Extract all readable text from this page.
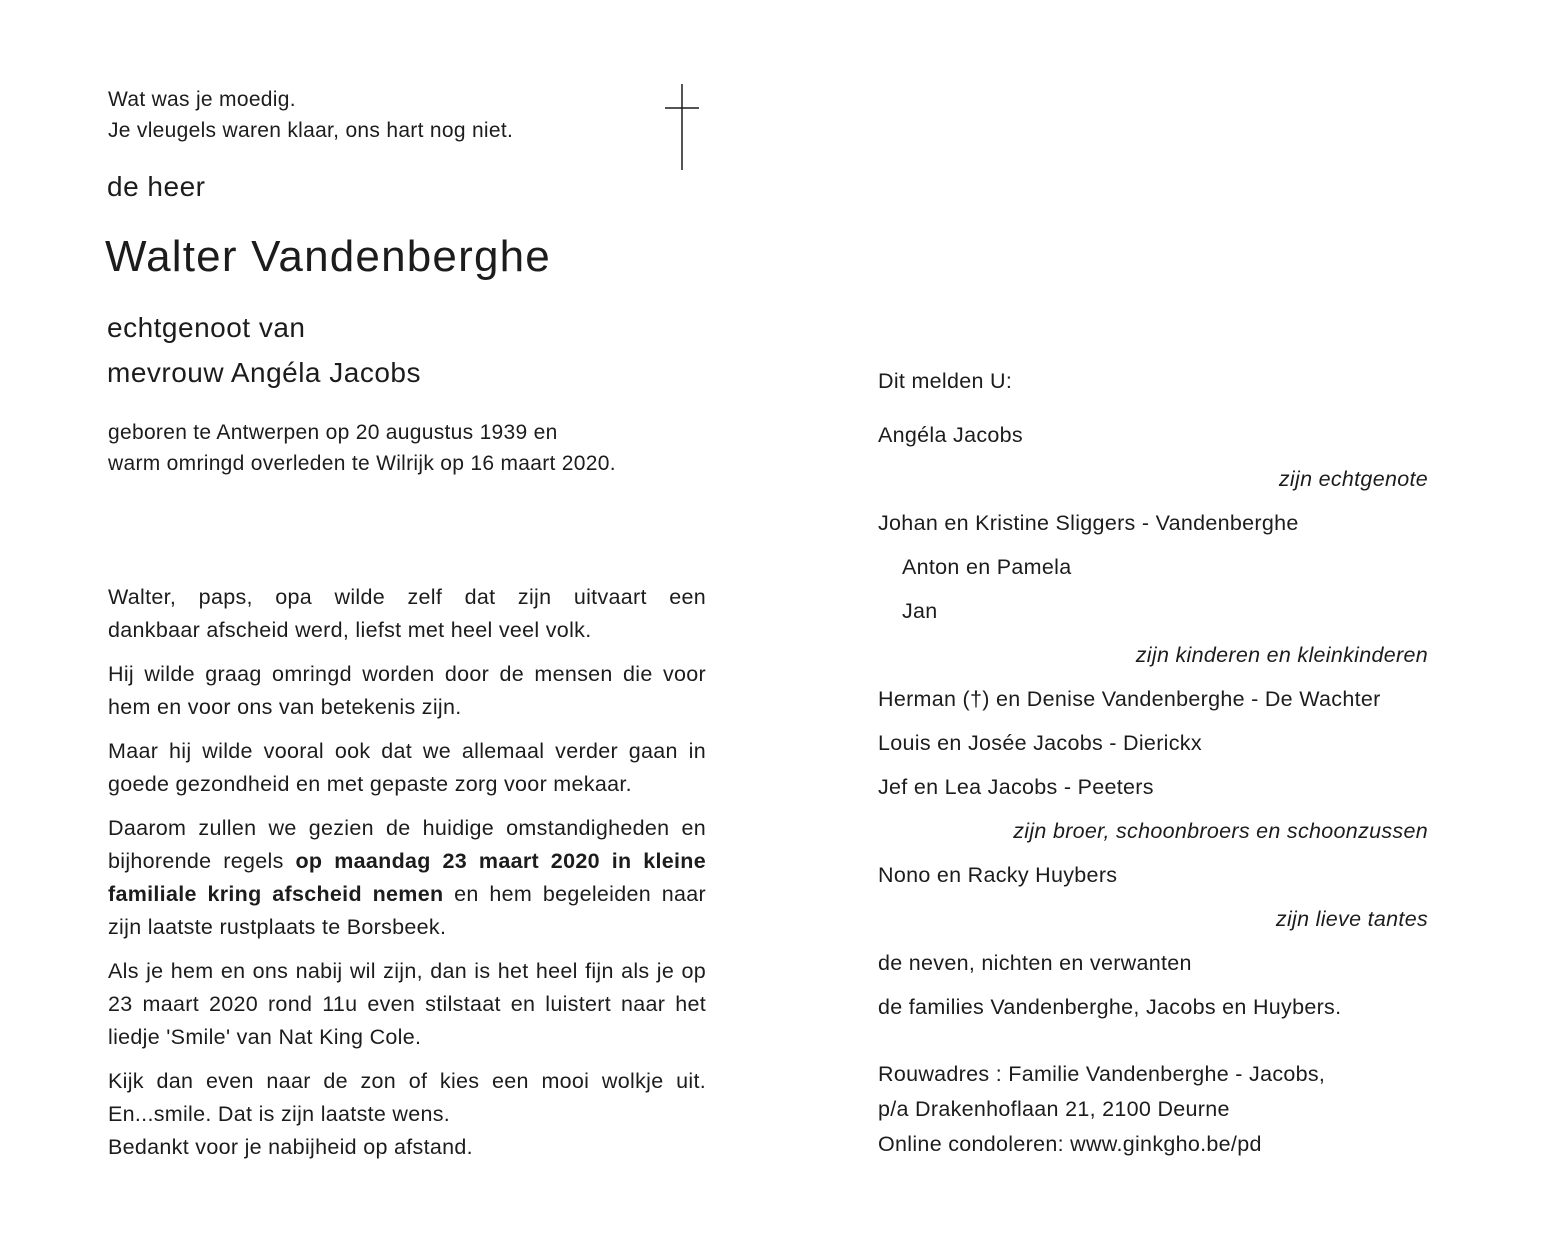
Wat was je moedig.
Je vleugels waren klaar, ons hart nog niet.
de heer
Walter Vandenberghe
echtgenoot van
mevrouw Angéla Jacobs
geboren te Antwerpen op 20 augustus 1939 en
warm omringd overleden te Wilrijk op 16 maart 2020.
Walter, paps, opa wilde zelf dat zijn uitvaart een
dankbaar afscheid werd, liefst met heel veel volk.
Hij wilde graag omringd worden door de mensen die voor
hem en voor ons van betekenis zijn.
Maar hij wilde vooral ook dat we allemaal verder gaan in
goede gezondheid en met gepaste zorg voor mekaar.
Daarom zullen we gezien de huidige omstandigheden en
bijhorende regels op maandag 23 maart 2020 in kleine
familiale kring afscheid nemen en hem begeleiden naar
zijn laatste rustplaats te Borsbeek.
Als je hem en ons nabij wil zijn, dan is het heel fijn als je op
23 maart 2020 rond 11u even stilstaat en luistert naar het
liedje 'Smile' van Nat King Cole.
Kijk dan even naar de zon of kies een mooi wolkje uit.
En...smile. Dat is zijn laatste wens.
Bedankt voor je nabijheid op afstand.
Dit melden U:
Angéla Jacobs
zijn echtgenote
Johan en Kristine Sliggers - Vandenberghe
Anton en Pamela
Jan
zijn kinderen en kleinkinderen
Herman (†) en Denise Vandenberghe - De Wachter
Louis en Josée Jacobs - Dierickx
Jef en Lea Jacobs - Peeters
zijn broer, schoonbroers en schoonzussen
Nono en Racky Huybers
zijn lieve tantes
de neven, nichten en verwanten
de families Vandenberghe, Jacobs en Huybers.
Rouwadres : Familie Vandenberghe - Jacobs,
p/a Drakenhoflaan 21, 2100 Deurne
Online condoleren: www.ginkgho.be/pd
